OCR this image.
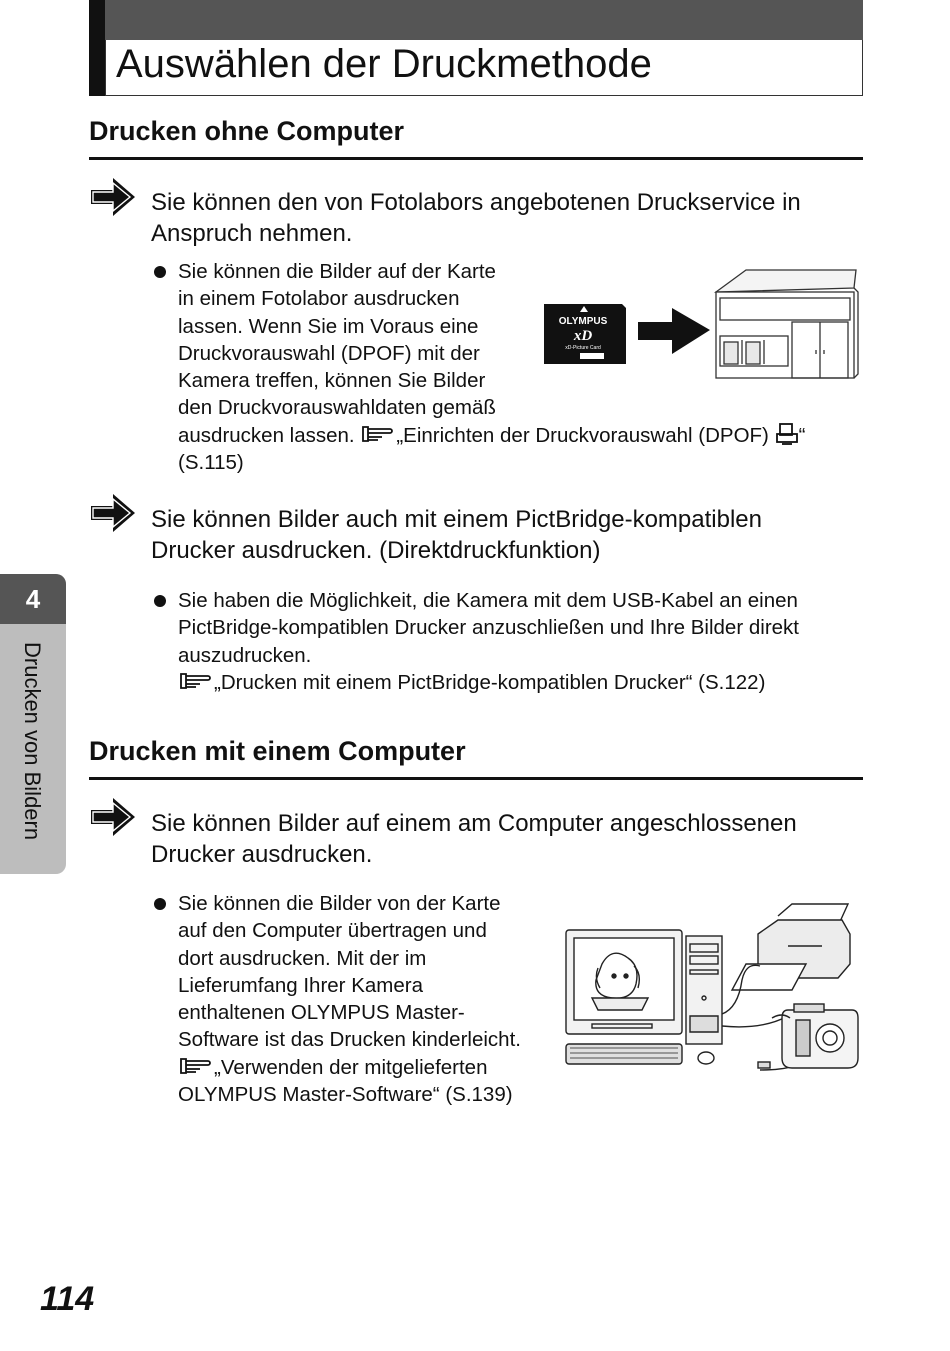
Auswählen der Druckmethode
Drucken ohne Computer
Sie können den von Fotolabors angebotenen Druckservice in
Anspruch nehmen.
Sie können die Bilder auf der Karte
in einem Fotolabor ausdrucken
lassen. Wenn Sie im Voraus eine
Druckvorauswahl (DPOF) mit der
Kamera treffen, können Sie Bilder
den Druckvorauswahldaten gemäß
ausdrucken lassen. „Einrichten der Druckvorauswahl (DPOF) “
(S.115)
OLYMPUS
xD
xD-Picture Card
Sie können Bilder auch mit einem PictBridge-kompatiblen
Drucker ausdrucken. (Direktdruckfunktion)
Sie haben die Möglichkeit, die Kamera mit dem USB-Kabel an einen
PictBridge-kompatiblen Drucker anzuschließen und Ihre Bilder direkt
auszudrucken.
„Drucken mit einem PictBridge-kompatiblen Drucker“ (S.122)
Drucken mit einem Computer
Sie können Bilder auf einem am Computer angeschlossenen
Drucker ausdrucken.
Sie können die Bilder von der Karte
auf den Computer übertragen und
dort ausdrucken. Mit der im
Lieferumfang Ihrer Kamera
enthaltenen OLYMPUS Master-
Software ist das Drucken kinderleicht.
„Verwenden der mitgelieferten
OLYMPUS Master-Software“ (S.139)
4
Drucken von Bildern
114
